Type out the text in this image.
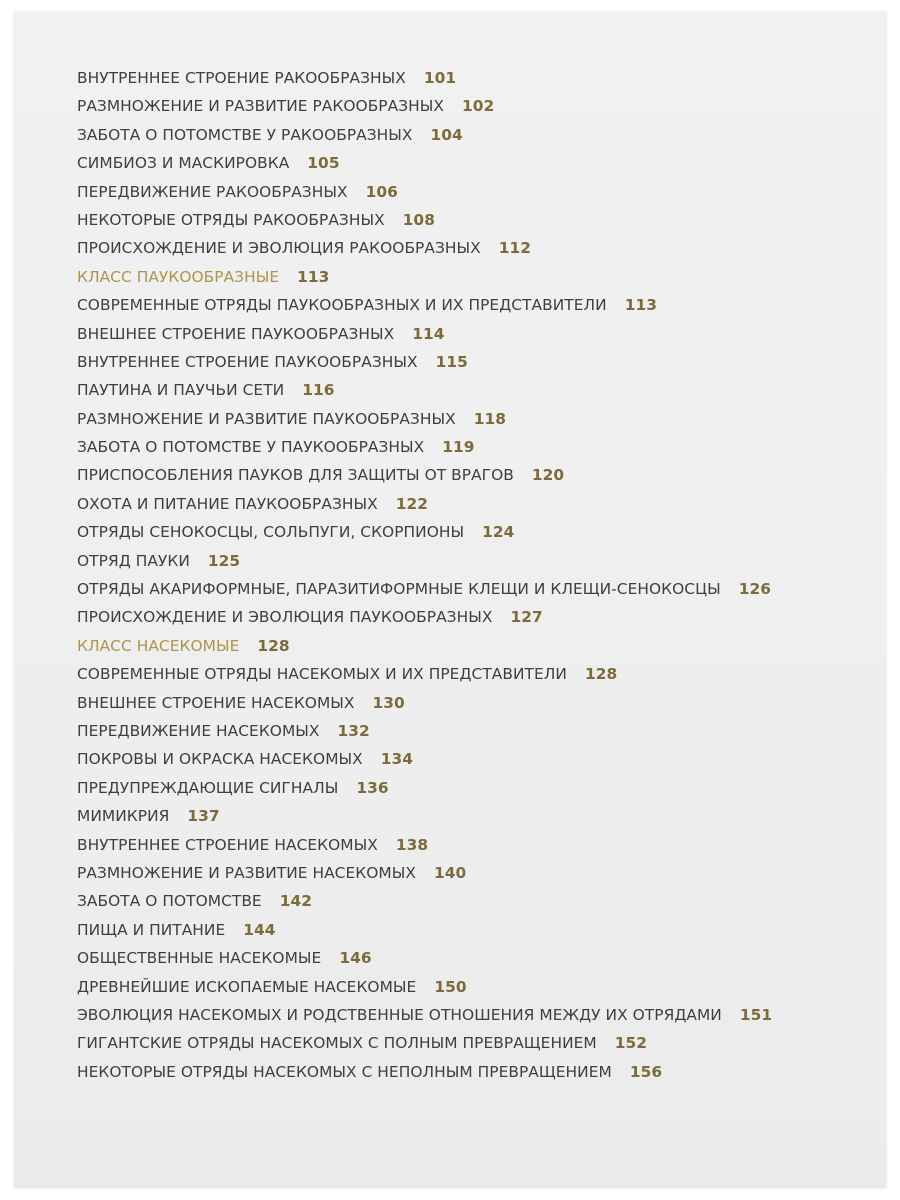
ВНУТРЕННЕЕ СТРОЕНИЕ РАКООБРАЗНЫХ 101
РАЗМНОЖЕНИЕ И РАЗВИТИЕ РАКООБРАЗНЫХ 102
ЗАБОТА О ПОТОМСТВЕ У РАКООБРАЗНЫХ 104
СИМБИОЗ И МАСКИРОВКА 105
ПЕРЕДВИЖЕНИЕ РАКООБРАЗНЫХ 106
НЕКОТОРЫЕ ОТРЯДЫ РАКООБРАЗНЫХ 108
ПРОИСХОЖДЕНИЕ И ЭВОЛЮЦИЯ РАКООБРАЗНЫХ 112
КЛАСС ПАУКООБРАЗНЫЕ 113
СОВРЕМЕННЫЕ ОТРЯДЫ ПАУКООБРАЗНЫХ И ИХ ПРЕДСТАВИТЕЛИ 113
ВНЕШНЕЕ СТРОЕНИЕ ПАУКООБРАЗНЫХ 114
ВНУТРЕННЕЕ СТРОЕНИЕ ПАУКООБРАЗНЫХ 115
ПАУТИНА И ПАУЧЬИ СЕТИ 116
РАЗМНОЖЕНИЕ И РАЗВИТИЕ ПАУКООБРАЗНЫХ 118
ЗАБОТА О ПОТОМСТВЕ У ПАУКООБРАЗНЫХ 119
ПРИСПОСОБЛЕНИЯ ПАУКОВ ДЛЯ ЗАЩИТЫ ОТ ВРАГОВ 120
ОХОТА И ПИТАНИЕ ПАУКООБРАЗНЫХ 122
ОТРЯДЫ СЕНОКОСЦЫ, СОЛЬПУГИ, СКОРПИОНЫ 124
ОТРЯД ПАУКИ 125
ОТРЯДЫ АКАРИФОРМНЫЕ, ПАРАЗИТИФОРМНЫЕ КЛЕЩИ И КЛЕЩИ-СЕНОКОСЦЫ 126
ПРОИСХОЖДЕНИЕ И ЭВОЛЮЦИЯ ПАУКООБРАЗНЫХ 127
КЛАСС НАСЕКОМЫЕ 128
СОВРЕМЕННЫЕ ОТРЯДЫ НАСЕКОМЫХ И ИХ ПРЕДСТАВИТЕЛИ 128
ВНЕШНЕЕ СТРОЕНИЕ НАСЕКОМЫХ 130
ПЕРЕДВИЖЕНИЕ НАСЕКОМЫХ 132
ПОКРОВЫ И ОКРАСКА НАСЕКОМЫХ 134
ПРЕДУПРЕЖДАЮЩИЕ СИГНАЛЫ 136
МИМИКРИЯ 137
ВНУТРЕННЕЕ СТРОЕНИЕ НАСЕКОМЫХ 138
РАЗМНОЖЕНИЕ И РАЗВИТИЕ НАСЕКОМЫХ 140
ЗАБОТА О ПОТОМСТВЕ 142
ПИЩА И ПИТАНИЕ 144
ОБЩЕСТВЕННЫЕ НАСЕКОМЫЕ 146
ДРЕВНЕЙШИЕ ИСКОПАЕМЫЕ НАСЕКОМЫЕ 150
ЭВОЛЮЦИЯ НАСЕКОМЫХ И РОДСТВЕННЫЕ ОТНОШЕНИЯ МЕЖДУ ИХ ОТРЯДАМИ 151
ГИГАНТСКИЕ ОТРЯДЫ НАСЕКОМЫХ С ПОЛНЫМ ПРЕВРАЩЕНИЕМ 152
НЕКОТОРЫЕ ОТРЯДЫ НАСЕКОМЫХ С НЕПОЛНЫМ ПРЕВРАЩЕНИЕМ 156
